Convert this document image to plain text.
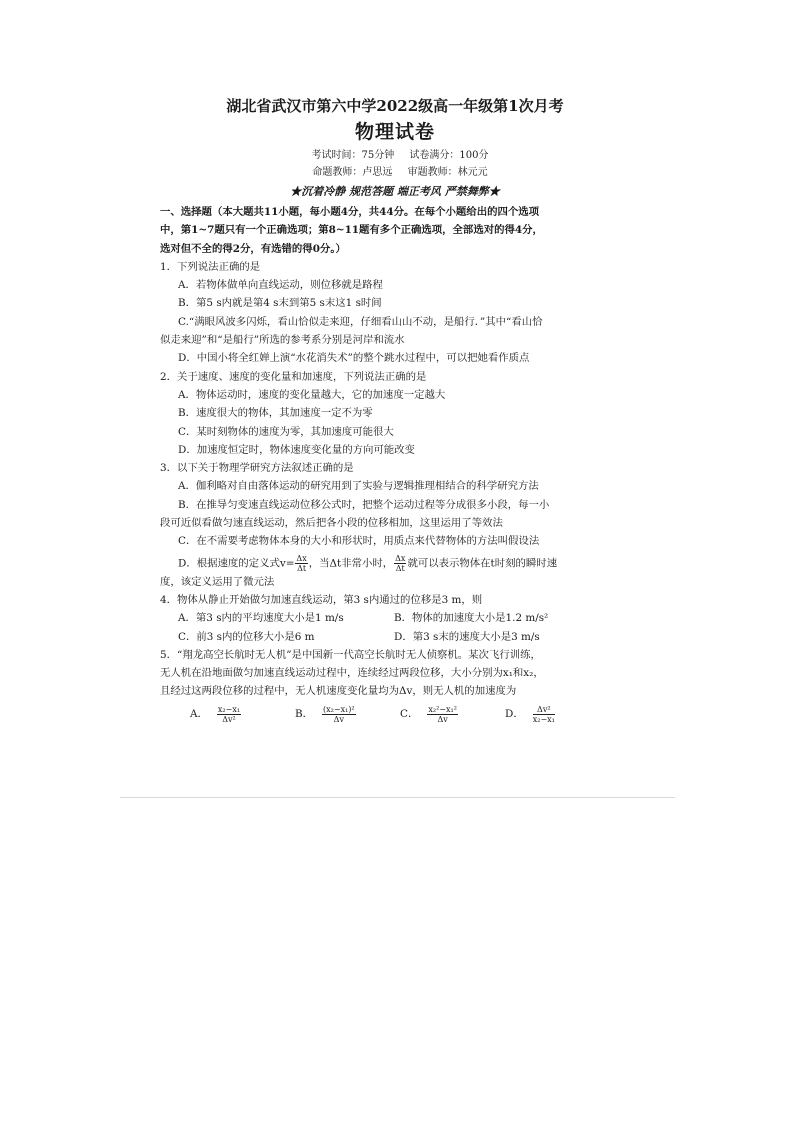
湖北省武汉市第六中学2022级高一年级第1次月考
物理试卷
考试时间：75分钟 试卷满分：100分
命题教师：卢思远 审题教师：林元元
★沉着冷静 规范答题 端正考风 严禁舞弊★
一、选择题（本大题共11小题，每小题4分，共44分。在每个小题给出的四个选项
中，第1~7题只有一个正确选项；第8~11题有多个正确选项，全部选对的得4分，
选对但不全的得2分，有选错的得0分。）
1．下列说法正确的是
A．若物体做单向直线运动，则位移就是路程
B．第5 s内就是第4 s末到第5 s末这1 s时间
C.“满眼风波多闪烁，看山恰似走来迎，仔细看山山不动，是船行．”其中“看山恰
似走来迎”和“是船行”所选的参考系分别是河岸和流水
D．中国小将全红婵上演“水花消失术”的整个跳水过程中，可以把她看作质点
2．关于速度、速度的变化量和加速度，下列说法正确的是
A．物体运动时，速度的变化量越大，它的加速度一定越大
B．速度很大的物体，其加速度一定不为零
C．某时刻物体的速度为零，其加速度可能很大
D．加速度恒定时，物体速度变化量的方向可能改变
3．以下关于物理学研究方法叙述正确的是
A．伽利略对自由落体运动的研究用到了实验与逻辑推理相结合的科学研究方法
B．在推导匀变速直线运动位移公式时，把整个运动过程等分成很多小段，每一小
段可近似看做匀速直线运动，然后把各小段的位移相加，这里运用了等效法
C．在不需要考虑物体本身的大小和形状时，用质点来代替物体的方法叫假设法
D．根据速度的定义式$v= \frac{\Delta x}{\Delta t}$ ，当Δt非常小时， $\frac{\Delta x}{\Delta t}$ 就可以表示物体在t时刻的瞬时速
度，该定义运用了微元法
4．物体从静止开始做匀加速直线运动，第3 s内通过的位移是3 m，则
A．第3 s内的平均速度大小是1 m/s	B．物体的加速度大小是1.2 m/s²
C．前3 s内的位移大小是6 m	D．第3 s末的速度大小是3 m/s
5．“翔龙高空长航时无人机”是中国新一代高空长航时无人侦察机。某次飞行训练，
无人机在沿地面做匀加速直线运动过程中，连续经过两段位移，大小分别为x₁和x₂，
且经过这两段位移的过程中，无人机速度变化量均为Δv，则无人机的加速度为
A． $\frac{\text{x₂−x₁}}{\text{Δv²}}$	B． $\frac{\text{(x₂−x₁)²}}{\Delta v}$	C． $\frac{\text{x₂²−x₁²}}{\Delta v}$	D． $\frac{\text{Δv²}}{\text{x₂−x₁}}$
